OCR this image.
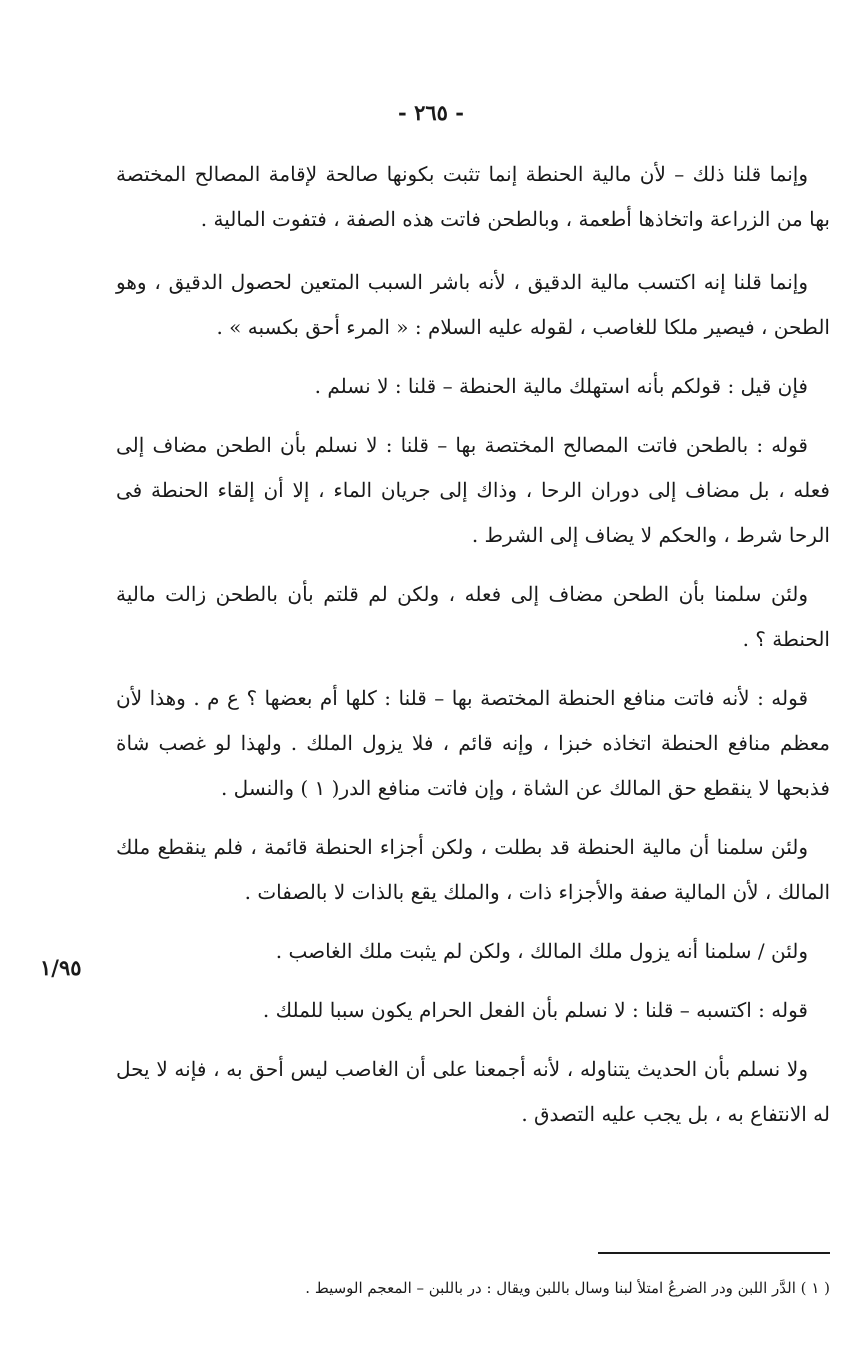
- ٢٦٥ -

وإنما قلنا ذلك – لأن مالية الحنطة إنما تثبت بكونها صالحة لإقامة المصالح المختصة بها من الزراعة واتخاذها أطعمة ، وبالطحن فاتت هذه الصفة ، فتفوت المالية .

وإنما قلنا إنه اكتسب مالية الدقيق ، لأنه باشر السبب المتعين لحصول الدقيق ، وهو الطحن ، فيصير ملكا للغاصب ، لقوله عليه السلام : « المرء أحق بكسبه » .

فإن قيل : قولكم بأنه استهلك مالية الحنطة – قلنا : لا نسلم .

قوله : بالطحن فاتت المصالح المختصة بها – قلنا : لا نسلم بأن الطحن مضاف إلى فعله ، بل مضاف إلى دوران الرحا ، وذاك إلى جريان الماء ، إلا أن إلقاء الحنطة فى الرحا شرط ، والحكم لا يضاف إلى الشرط .

ولئن سلمنا بأن الطحن مضاف إلى فعله ، ولكن لم قلتم بأن بالطحن زالت مالية الحنطة ؟ .

قوله : لأنه فاتت منافع الحنطة المختصة بها – قلنا : كلها أم بعضها ؟ ع م . وهذا لأن معظم منافع الحنطة اتخاذه خبزا ، وإنه قائم ، فلا يزول الملك . ولهذا لو غصب شاة فذبحها لا ينقطع حق المالك عن الشاة ، وإن فاتت منافع الدر( ١ ) والنسل .

ولئن سلمنا أن مالية الحنطة قد بطلت ، ولكن أجزاء الحنطة قائمة ، فلم ينقطع ملك المالك ، لأن المالية صفة والأجزاء ذات ، والملك يقع بالذات لا بالصفات .

ولئن / سلمنا أنه يزول ملك المالك ، ولكن لم يثبت ملك الغاصب .

قوله : اكتسبه – قلنا : لا نسلم بأن الفعل الحرام يكون سببا للملك .

ولا نسلم بأن الحديث يتناوله ، لأنه أجمعنا على أن الغاصب ليس أحق به ، فإنه لا يحل له الانتفاع به ، بل يجب عليه التصدق .

١/٩٥
( ١ ) الدَّر اللبن ودر الضرعُ امتلأ لبنا وسال باللبن ويقال : در باللبن – المعجم الوسيط .
